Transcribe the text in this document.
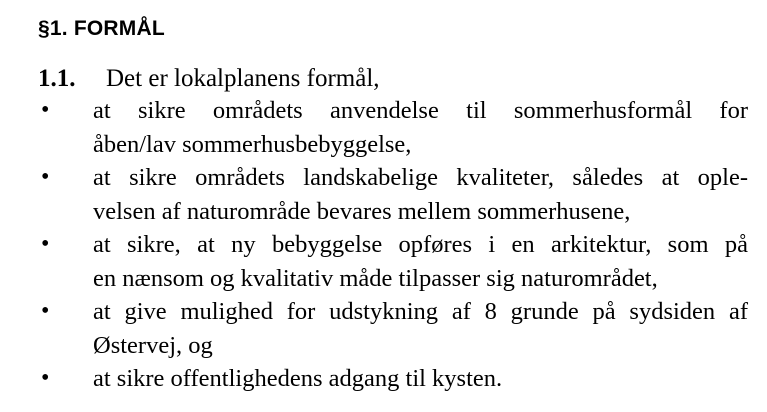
§1. FORMÅL
1.1. Det er lokalplanens formål,
•	at sikre områdets anvendelse til sommerhusformål for
åben/lav sommerhusbebyggelse,
•	at sikre områdets landskabelige kvaliteter, således at ople-
velsen af naturområde bevares mellem sommerhusene,
•	at sikre, at ny bebyggelse opføres i en arkitektur, som på
en nænsom og kvalitativ måde tilpasser sig naturområdet,
•	at give mulighed for udstykning af 8 grunde på sydsiden af
Østervej, og
•	at sikre offentlighedens adgang til kysten.
